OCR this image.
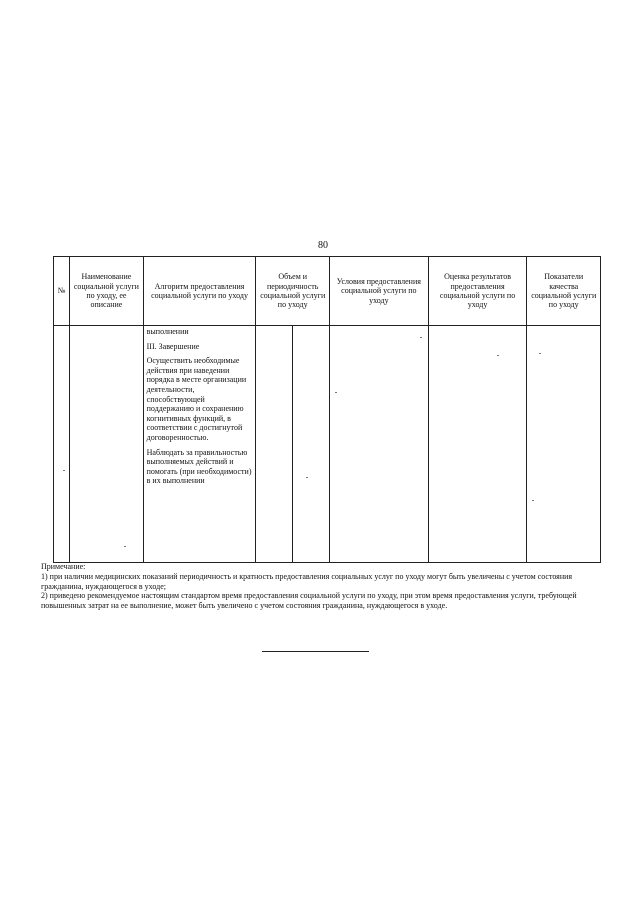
80
№	Наименование социальной услуги по уходу, ее описание	Алгоритм предоставления социальной услуги по уходу	Объем и периодичность социальной услуги по уходу	Условия предоставления социальной услуги по уходу	Оценка результатов предоставления социальной услуги по уходу	Показатели качества социальной услуги по уходу

		выполнении

III. Завершение

Осуществить необходимые действия при наведении порядка в месте организации деятельности, способствующей поддержанию и сохранению когнитивных функций, в соответствии с достигнутой договоренностью.

Наблюдать за правильностью выполняемых действий и помогать (при необходимости) в их выполнении				

Примечание:

1) при наличии медицинских показаний периодичность и кратность предоставления социальных услуг по уходу могут быть увеличены с учетом состояния гражданина, нуждающегося в уходе;

2) приведено рекомендуемое настоящим стандартом время предоставления социальной услуги по уходу, при этом время предоставления услуги, требующей повышенных затрат на ее выполнение, может быть увеличено с учетом состояния гражданина, нуждающегося в уходе.
